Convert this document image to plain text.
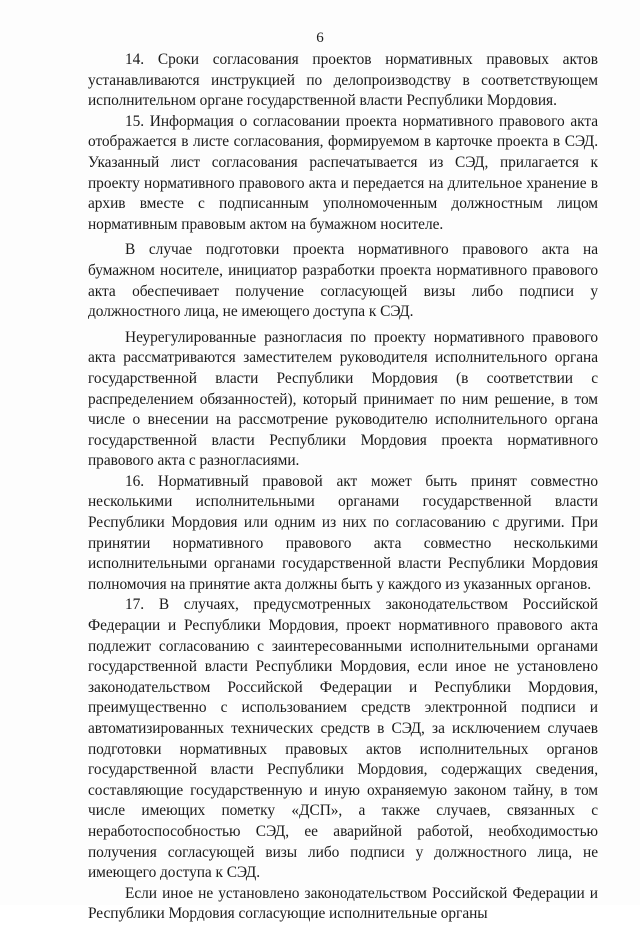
6

14. Сроки согласования проектов нормативных правовых актов устанавливаются инструкцией по делопроизводству в соответствующем исполнительном органе государственной власти Республики Мордовия.

15. Информация о согласовании проекта нормативного правового акта отображается в листе согласования, формируемом в карточке проекта в СЭД. Указанный лист согласования распечатывается из СЭД, прилагается к проекту нормативного правового акта и передается на длительное хранение в архив вместе с подписанным уполномоченным должностным лицом нормативным правовым актом на бумажном носителе.

В случае подготовки проекта нормативного правового акта на бумажном носителе, инициатор разработки проекта нормативного правового акта обеспечивает получение согласующей визы либо подписи у должностного лица, не имеющего доступа к СЭД.

Неурегулированные разногласия по проекту нормативного правового акта рассматриваются заместителем руководителя исполнительного органа государственной власти Республики Мордовия (в соответствии с распределением обязанностей), который принимает по ним решение, в том числе о внесении на рассмотрение руководителю исполнительного органа государственной власти Республики Мордовия проекта нормативного правового акта с разногласиями.

16. Нормативный правовой акт может быть принят совместно несколькими исполнительными органами государственной власти Республики Мордовия или одним из них по согласованию с другими. При принятии нормативного правового акта совместно несколькими исполнительными органами государственной власти Республики Мордовия полномочия на принятие акта должны быть у каждого из указанных органов.

17. В случаях, предусмотренных законодательством Российской Федерации и Республики Мордовия, проект нормативного правового акта подлежит согласованию с заинтересованными исполнительными органами государственной власти Республики Мордовия, если иное не установлено законодательством Российской Федерации и Республики Мордовия, преимущественно с использованием средств электронной подписи и автоматизированных технических средств в СЭД, за исключением случаев подготовки нормативных правовых актов исполнительных органов государственной власти Республики Мордовия, содержащих сведения, составляющие государственную и иную охраняемую законом тайну, в том числе имеющих пометку «ДСП», а также случаев, связанных с неработоспособностью СЭД, ее аварийной работой, необходимостью получения согласующей визы либо подписи у должностного лица, не имеющего доступа к СЭД.

Если иное не установлено законодательством Российской Федерации и Республики Мордовия согласующие исполнительные органы
